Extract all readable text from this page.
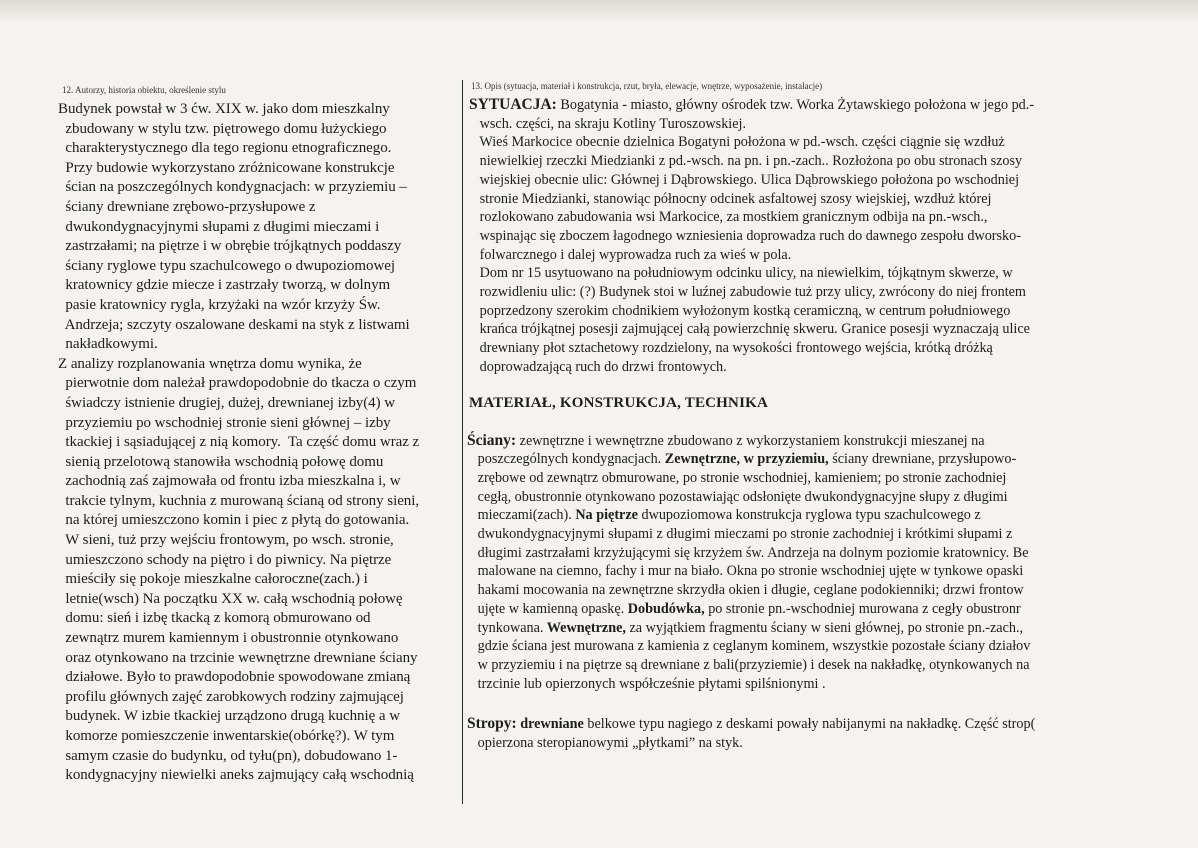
12. Autorzy, historia obiektu, określenie stylu
Budynek powstał w 3 ćw. XIX w. jako dom mieszkalny
zbudowany w stylu tzw. piętrowego domu łużyckiego
charakterystycznego dla tego regionu etnograficznego.
Przy budowie wykorzystano zróżnicowane konstrukcje
ścian na poszczególnych kondygnacjach: w przyziemiu –
ściany drewniane zrębowo-przysłupowe z
dwukondygnacyjnymi słupami z długimi mieczami i
zastrzałami; na piętrze i w obrębie trójkątnych poddaszy
ściany ryglowe typu szachulcowego o dwupoziomowej
kratownicy gdzie miecze i zastrzały tworzą, w dolnym
pasie kratownicy rygla, krzyżaki na wzór krzyży Św.
Andrzeja; szczyty oszalowane deskami na styk z listwami
nakładkowymi.
Z analizy rozplanowania wnętrza domu wynika, że
pierwotnie dom należał prawdopodobnie do tkacza o czym
świadczy istnienie drugiej, dużej, drewnianej izby(4) w
przyziemiu po wschodniej stronie sieni głównej – izby
tkackiej i sąsiadującej z nią komory.  Ta część domu wraz z
sienią przelotową stanowiła wschodnią połowę domu
zachodnią zaś zajmowała od frontu izba mieszkalna i, w
trakcie tylnym, kuchnia z murowaną ścianą od strony sieni,
na której umieszczono komin i piec z płytą do gotowania.
W sieni, tuż przy wejściu frontowym, po wsch. stronie,
umieszczono schody na piętro i do piwnicy. Na piętrze
mieściły się pokoje mieszkalne całoroczne(zach.) i
letnie(wsch) Na początku XX w. całą wschodnią połowę
domu: sień i izbę tkacką z komorą obmurowano od
zewnątrz murem kamiennym i obustronnie otynkowano
oraz otynkowano na trzcinie wewnętrzne drewniane ściany
działowe. Było to prawdopodobnie spowodowane zmianą
profilu głównych zajęć zarobkowych rodziny zajmującej
budynek. W izbie tkackiej urządzono drugą kuchnię a w
komorze pomieszczenie inwentarskie(obórkę?). W tym
samym czasie do budynku, od tyłu(pn), dobudowano 1-
kondygnacyjny niewielki aneks zajmujący całą wschodnią
13. Opis (sytuacja, materiał i konstrukcja, rzut, bryła, elewacje, wnętrze, wyposażenie, instalacje)
SYTUACJA: Bogatynia - miasto, główny ośrodek tzw. Worka Żytawskiego położona w jego pd.-
wsch. części, na skraju Kotliny Turoszowskiej.
Wieś Markocice obecnie dzielnica Bogatyni położona w pd.-wsch. części ciągnie się wzdłuż
niewielkiej rzeczki Miedzianki z pd.-wsch. na pn. i pn.-zach.. Rozłożona po obu stronach szosy
wiejskiej obecnie ulic: Głównej i Dąbrowskiego. Ulica Dąbrowskiego położona po wschodniej
stronie Miedzianki, stanowiąc północny odcinek asfaltowej szosy wiejskiej, wzdłuż której
rozlokowano zabudowania wsi Markocice, za mostkiem granicznym odbija na pn.-wsch.,
wspinając się zboczem łagodnego wzniesienia doprowadza ruch do dawnego zespołu dworsko-
folwarcznego i dalej wyprowadza ruch za wieś w pola.
Dom nr 15 usytuowano na południowym odcinku ulicy, na niewielkim, tójkątnym skwerze, w
rozwidleniu ulic: (?) Budynek stoi w luźnej zabudowie tuż przy ulicy, zwrócony do niej frontem
poprzedzony szerokim chodnikiem wyłożonym kostką ceramiczną, w centrum południowego
krańca trójkątnej posesji zajmującej całą powierzchnię skweru. Granice posesji wyznaczają ulice
drewniany płot sztachetowy rozdzielony, na wysokości frontowego wejścia, krótką dróżką
doprowadzającą ruch do drzwi frontowych.
MATERIAŁ, KONSTRUKCJA, TECHNIKA
Ściany: zewnętrzne i wewnętrzne zbudowano z wykorzystaniem konstrukcji mieszanej na
poszczególnych kondygnacjach. Zewnętrzne, w przyziemiu, ściany drewniane, przysłupowo-
zrębowe od zewnątrz obmurowane, po stronie wschodniej, kamieniem; po stronie zachodniej
cegłą, obustronnie otynkowano pozostawiając odsłonięte dwukondygnacyjne słupy z długimi
mieczami(zach). Na piętrze dwupoziomowa konstrukcja ryglowa typu szachulcowego z
dwukondygnacyjnymi słupami z długimi mieczami po stronie zachodniej i krótkimi słupami z
długimi zastrzałami krzyżującymi się krzyżem św. Andrzeja na dolnym poziomie kratownicy. Be
malowane na ciemno, fachy i mur na biało. Okna po stronie wschodniej ujęte w tynkowe opaski
hakami mocowania na zewnętrzne skrzydła okien i długie, ceglane podokienniki; drzwi frontow
ujęte w kamienną opaskę. Dobudówka, po stronie pn.-wschodniej murowana z cegły obustronr
tynkowana. Wewnętrzne, za wyjątkiem fragmentu ściany w sieni głównej, po stronie pn.-zach.,
gdzie ściana jest murowana z kamienia z ceglanym kominem, wszystkie pozostałe ściany działov
w przyziemiu i na piętrze są drewniane z bali(przyziemie) i desek na nakładkę, otynkowanych na
trzcinie lub opierzonych współcześnie płytami spilśnionymi .
Stropy: drewniane belkowe typu nagiego z deskami powały nabijanymi na nakładkę. Część strop(
opierzona steropianowymi „płytkami” na styk.
